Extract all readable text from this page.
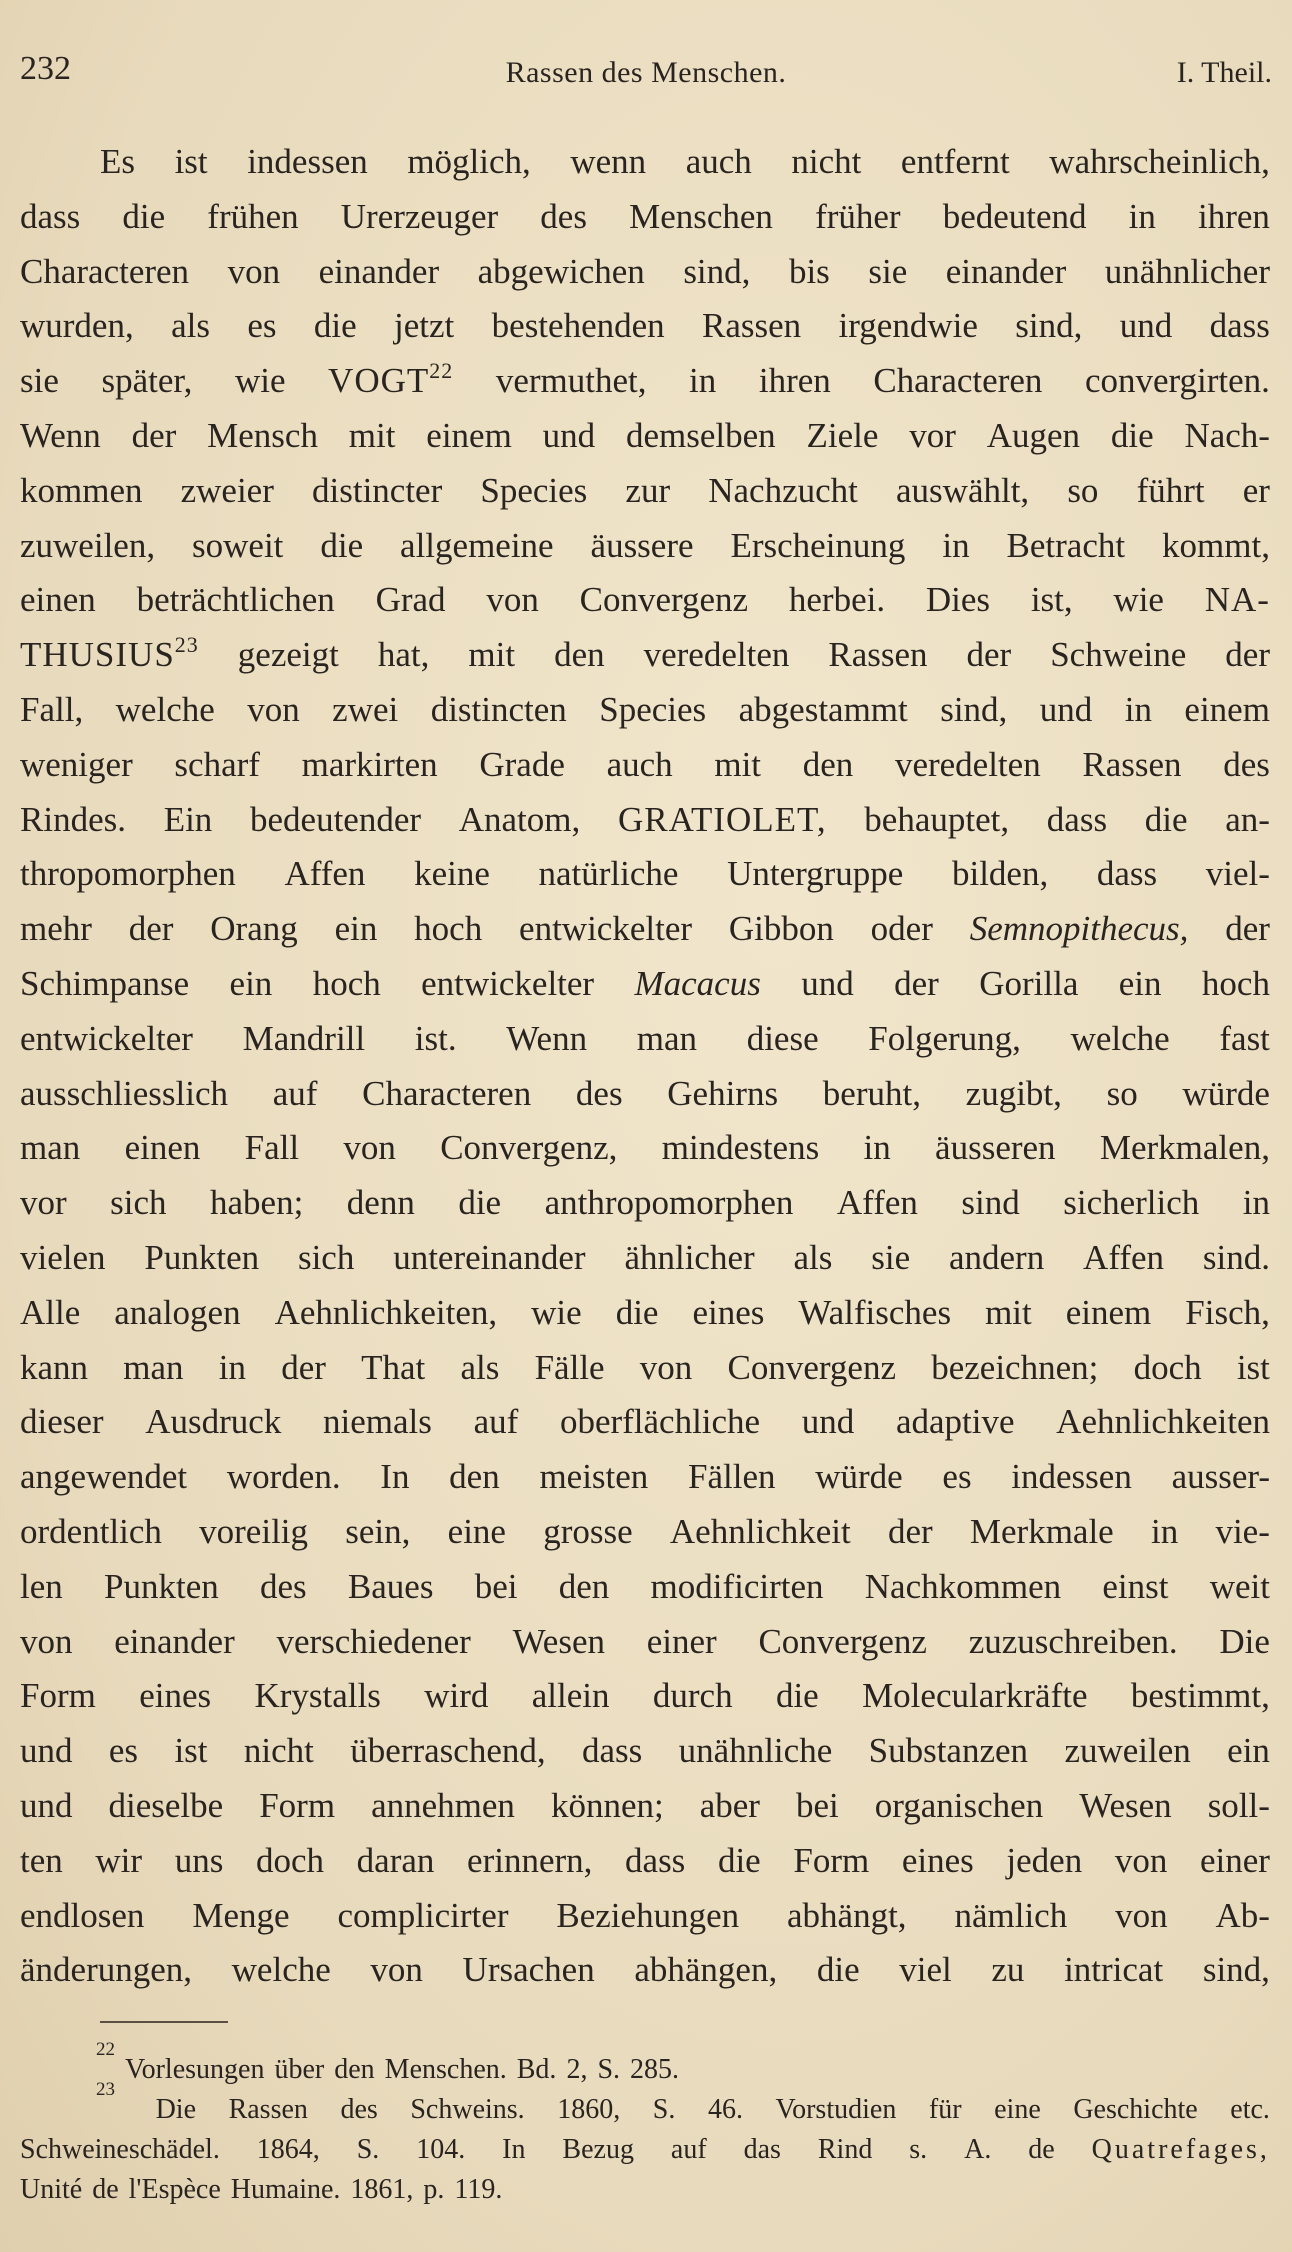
232	Rassen des Menschen.	I. Theil.
Es ist indessen möglich, wenn auch nicht entfernt wahrscheinlich,
dass die frühen Urerzeuger des Menschen früher bedeutend in ihren
Characteren von einander abgewichen sind, bis sie einander unähnlicher
wurden, als es die jetzt bestehenden Rassen irgendwie sind, und dass
sie später, wie VOGT$^{22}$ vermuthet, in ihren Characteren convergirten.
Wenn der Mensch mit einem und demselben Ziele vor Augen die Nach-
kommen zweier distincter Species zur Nachzucht auswählt, so führt er
zuweilen, soweit die allgemeine äussere Erscheinung in Betracht kommt,
einen beträchtlichen Grad von Convergenz herbei. Dies ist, wie NA-
THUSIUS$^{23}$ gezeigt hat, mit den veredelten Rassen der Schweine der
Fall, welche von zwei distincten Species abgestammt sind, und in einem
weniger scharf markirten Grade auch mit den veredelten Rassen des
Rindes. Ein bedeutender Anatom, GRATIOLET, behauptet, dass die an-
thropomorphen Affen keine natürliche Untergruppe bilden, dass viel-
mehr der Orang ein hoch entwickelter Gibbon oder Semnopithecus, der
Schimpanse ein hoch entwickelter Macacus und der Gorilla ein hoch
entwickelter Mandrill ist. Wenn man diese Folgerung, welche fast
ausschliesslich auf Characteren des Gehirns beruht, zugibt, so würde
man einen Fall von Convergenz, mindestens in äusseren Merkmalen,
vor sich haben; denn die anthropomorphen Affen sind sicherlich in
vielen Punkten sich untereinander ähnlicher als sie andern Affen sind.
Alle analogen Aehnlichkeiten, wie die eines Walfisches mit einem Fisch,
kann man in der That als Fälle von Convergenz bezeichnen; doch ist
dieser Ausdruck niemals auf oberflächliche und adaptive Aehnlichkeiten
angewendet worden. In den meisten Fällen würde es indessen ausser-
ordentlich voreilig sein, eine grosse Aehnlichkeit der Merkmale in vie-
len Punkten des Baues bei den modificirten Nachkommen einst weit
von einander verschiedener Wesen einer Convergenz zuzuschreiben. Die
Form eines Krystalls wird allein durch die Molecularkräfte bestimmt,
und es ist nicht überraschend, dass unähnliche Substanzen zuweilen ein
und dieselbe Form annehmen können; aber bei organischen Wesen soll-
ten wir uns doch daran erinnern, dass die Form eines jeden von einer
endlosen Menge complicirter Beziehungen abhängt, nämlich von Ab-
änderungen, welche von Ursachen abhängen, die viel zu intricat sind,
22
Vorlesungen über den Menschen. Bd. 2, S. 285.
23
Die Rassen des Schweins. 1860, S. 46. Vorstudien für eine Geschichte etc.
Schweineschädel. 1864, S. 104. In Bezug auf das Rind s. A. de Quatrefages,
Unité de l'Espèce Humaine. 1861, p. 119.
